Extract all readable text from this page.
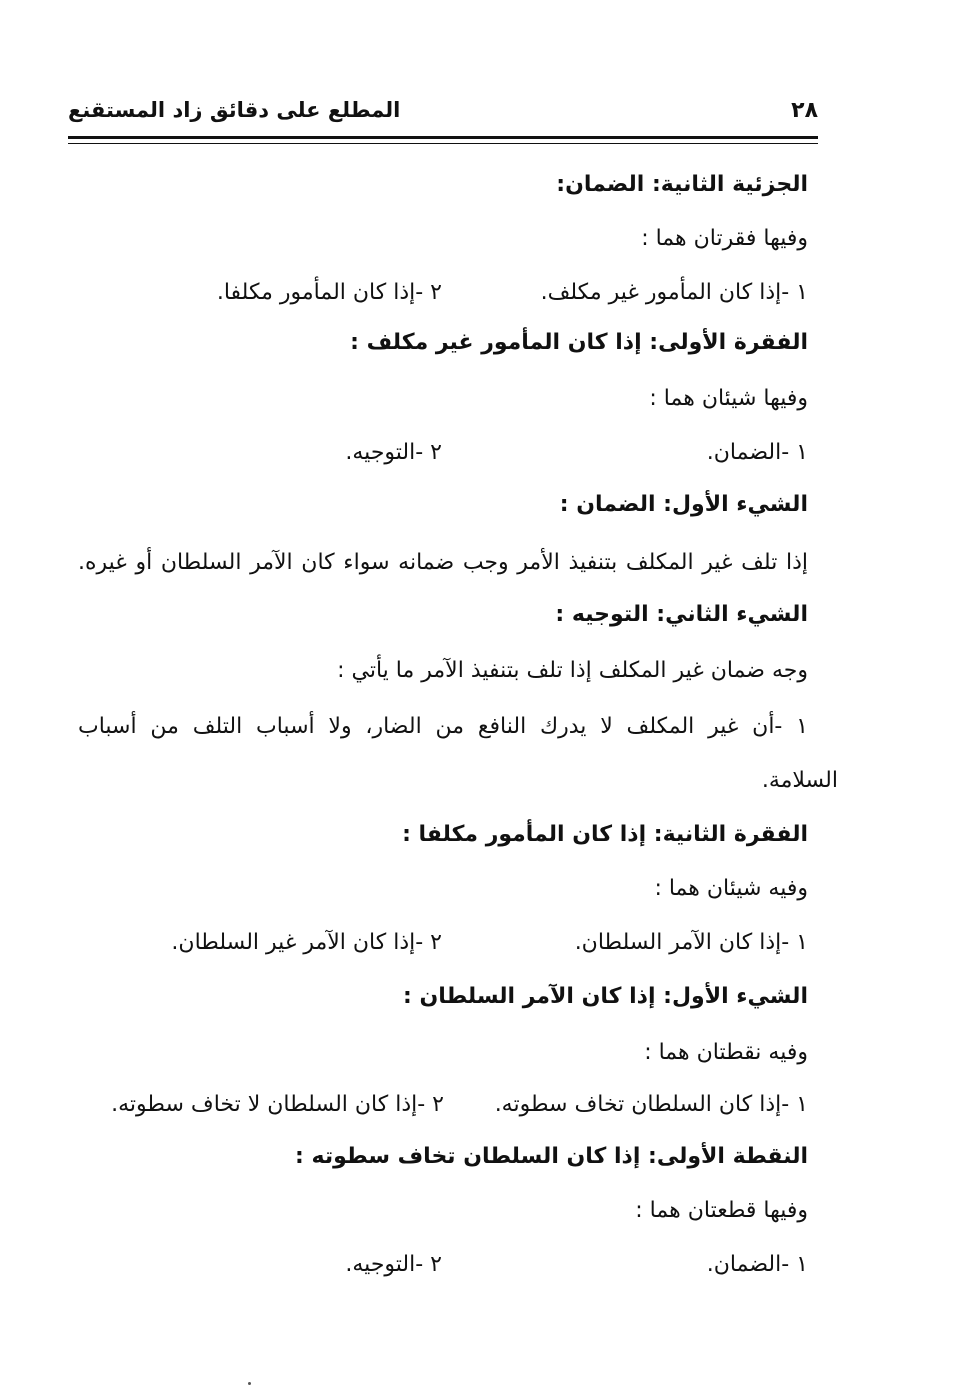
٢٨
المطلع على دقائق زاد المستقنع
الجزئية الثانية: الضمان:
وفيها فقرتان هما :
١ -إذا كان المأمور غير مكلف.
٢ -إذا كان المأمور مكلفا.
الفقرة الأولى: إذا كان المأمور غير مكلف :
وفيها شيئان هما :
١ -الضمان.
٢ -التوجيه.
الشيء الأول: الضمان :
إذا تلف غير المكلف بتنفيذ الأمر وجب ضمانه سواء كان الآمر السلطان أو غيره.
الشيء الثاني: التوجيه :
وجه ضمان غير المكلف إذا تلف بتنفيذ الآمر ما يأتي :
١ -أن غير المكلف لا يدرك النافع من الضار، ولا أسباب التلف من أسباب
السلامة.
الفقرة الثانية: إذا كان المأمور مكلفا :
وفيه شيئان هما :
١ -إذا كان الآمر السلطان.
٢ -إذا كان الآمر غير السلطان.
الشيء الأول: إذا كان الآمر السلطان :
وفيه نقطتان هما :
١ -إذا كان السلطان تخاف سطوته.
٢ -إذا كان السلطان لا تخاف سطوته.
النقطة الأولى: إذا كان السلطان تخاف سطوته :
وفيها قطعتان هما :
١ -الضمان.
٢ -التوجيه.
